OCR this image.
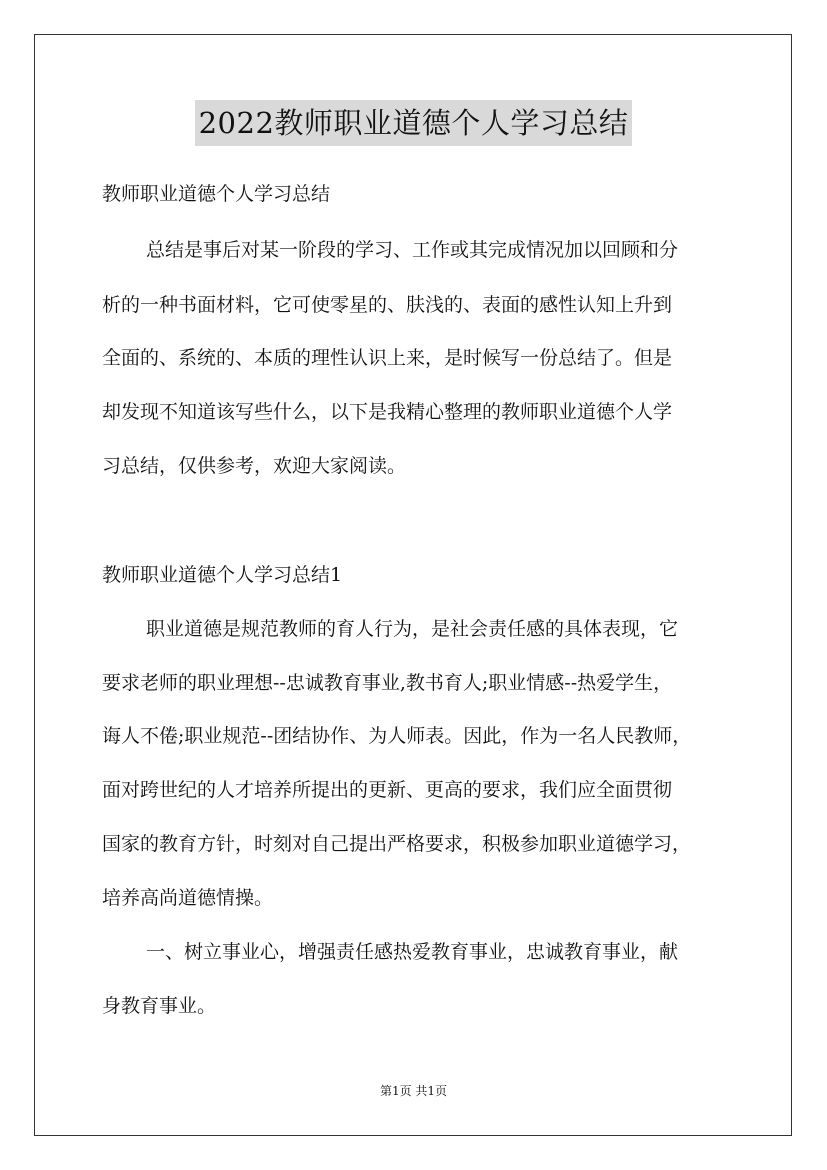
2022教师职业道德个人学习总结
教师职业道德个人学习总结
总结是事后对某一阶段的学习、工作或其完成情况加以回顾和分
析的一种书面材料，它可使零星的、肤浅的、表面的感性认知上升到
全面的、系统的、本质的理性认识上来，是时候写一份总结了。但是
却发现不知道该写些什么，以下是我精心整理的教师职业道德个人学
习总结，仅供参考，欢迎大家阅读。
教师职业道德个人学习总结1
职业道德是规范教师的育人行为，是社会责任感的具体表现，它
要求老师的职业理想--忠诚教育事业,教书育人;职业情感--热爱学生，
诲人不倦;职业规范--团结协作、为人师表。因此，作为一名人民教师，
面对跨世纪的人才培养所提出的更新、更高的要求，我们应全面贯彻
国家的教育方针，时刻对自己提出严格要求，积极参加职业道德学习，
培养高尚道德情操。
一、树立事业心，增强责任感热爱教育事业，忠诚教育事业，献
身教育事业。
第1页 共1页
